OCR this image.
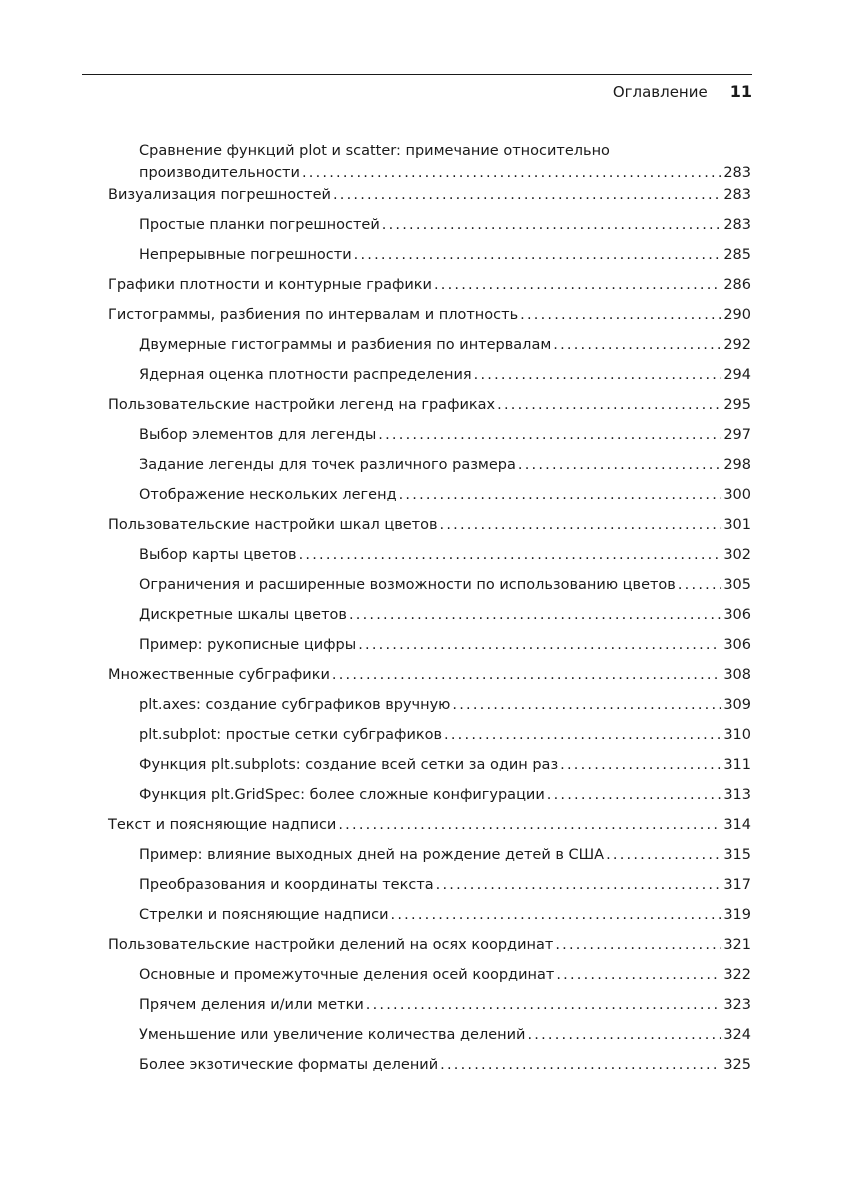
Оглавление 11
Сравнение функций plot и scatter: примечание относительно
производительности . . .	283
Визуализация погрешностей . . .	283
Простые планки погрешностей . . .	283
Непрерывные погрешности . . .	285
Графики плотности и контурные графики . . .	286
Гистограммы, разбиения по интервалам и плотность . . .	290
Двумерные гистограммы и разбиения по интервалам . . .	292
Ядерная оценка плотности распределения . . .	294
Пользовательские настройки легенд на графиках . . .	295
Выбор элементов для легенды . . .	297
Задание легенды для точек различного размера . . .	298
Отображение нескольких легенд . . .	300
Пользовательские настройки шкал цветов . . .	301
Выбор карты цветов . . .	302
Ограничения и расширенные возможности по использованию цветов . . .	305
Дискретные шкалы цветов . . .	306
Пример: рукописные цифры . . .	306
Множественные субграфики . . .	308
plt.axes: создание субграфиков вручную . . .	309
plt.subplot: простые сетки субграфиков . . .	310
Функция plt.subplots: создание всей сетки за один раз . . .	311
Функция plt.GridSpec: более сложные конфигурации . . .	313
Текст и поясняющие надписи . . .	314
Пример: влияние выходных дней на рождение детей в США . . .	315
Преобразования и координаты текста . . .	317
Стрелки и поясняющие надписи . . .	319
Пользовательские настройки делений на осях координат . . .	321
Основные и промежуточные деления осей координат . . .	322
Прячем деления и/или метки . . .	323
Уменьшение или увеличение количества делений . . .	324
Более экзотические форматы делений . . .	325
